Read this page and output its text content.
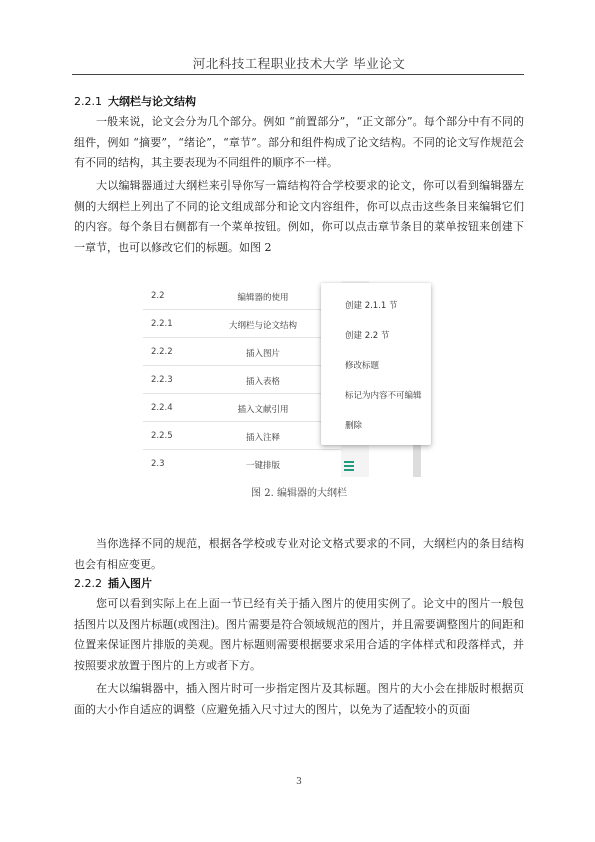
河北科技工程职业技术大学 毕业论文
2.2.1 大纲栏与论文结构
一般来说，论文会分为几个部分。例如 “前置部分”，“正文部分”。每个部分中有不同的组件，例如 “摘要”，“绪论”，“章节”。部分和组件构成了论文结构。不同的论文写作规范会有不同的结构，其主要表现为不同组件的顺序不一样。
大以编辑器通过大纲栏来引导你写一篇结构符合学校要求的论文，你可以看到编辑器左侧的大纲栏上列出了不同的论文组成部分和论文内容组件，你可以点击这些条目来编辑它们的内容。每个条目右侧都有一个菜单按钮。例如，你可以点击章节条目的菜单按钮来创建下一章节，也可以修改它们的标题。如图 2
2.2	编辑器的使用
2.2.1	大纲栏与论文结构
2.2.2	插入图片
2.2.3	插入表格
2.2.4	插入文献引用
2.2.5	插入注释
2.3	一键排版
创建 2.1.1 节
创建 2.2 节
修改标题
标记为内容不可编辑
删除
图 2. 编辑器的大纲栏
当你选择不同的规范，根据各学校或专业对论文格式要求的不同，大纲栏内的条目结构也会有相应变更。
2.2.2 插入图片
您可以看到实际上在上面一节已经有关于插入图片的使用实例了。论文中的图片一般包括图片以及图片标题(或图注)。图片需要是符合领域规范的图片，并且需要调整图片的间距和位置来保证图片排版的美观。图片标题则需要根据要求采用合适的字体样式和段落样式，并按照要求放置于图片的上方或者下方。
在大以编辑器中，插入图片时可一步指定图片及其标题。图片的大小会在排版时根据页面的大小作自适应的调整（应避免插入尺寸过大的图片，以免为了适配较小的页面
3
